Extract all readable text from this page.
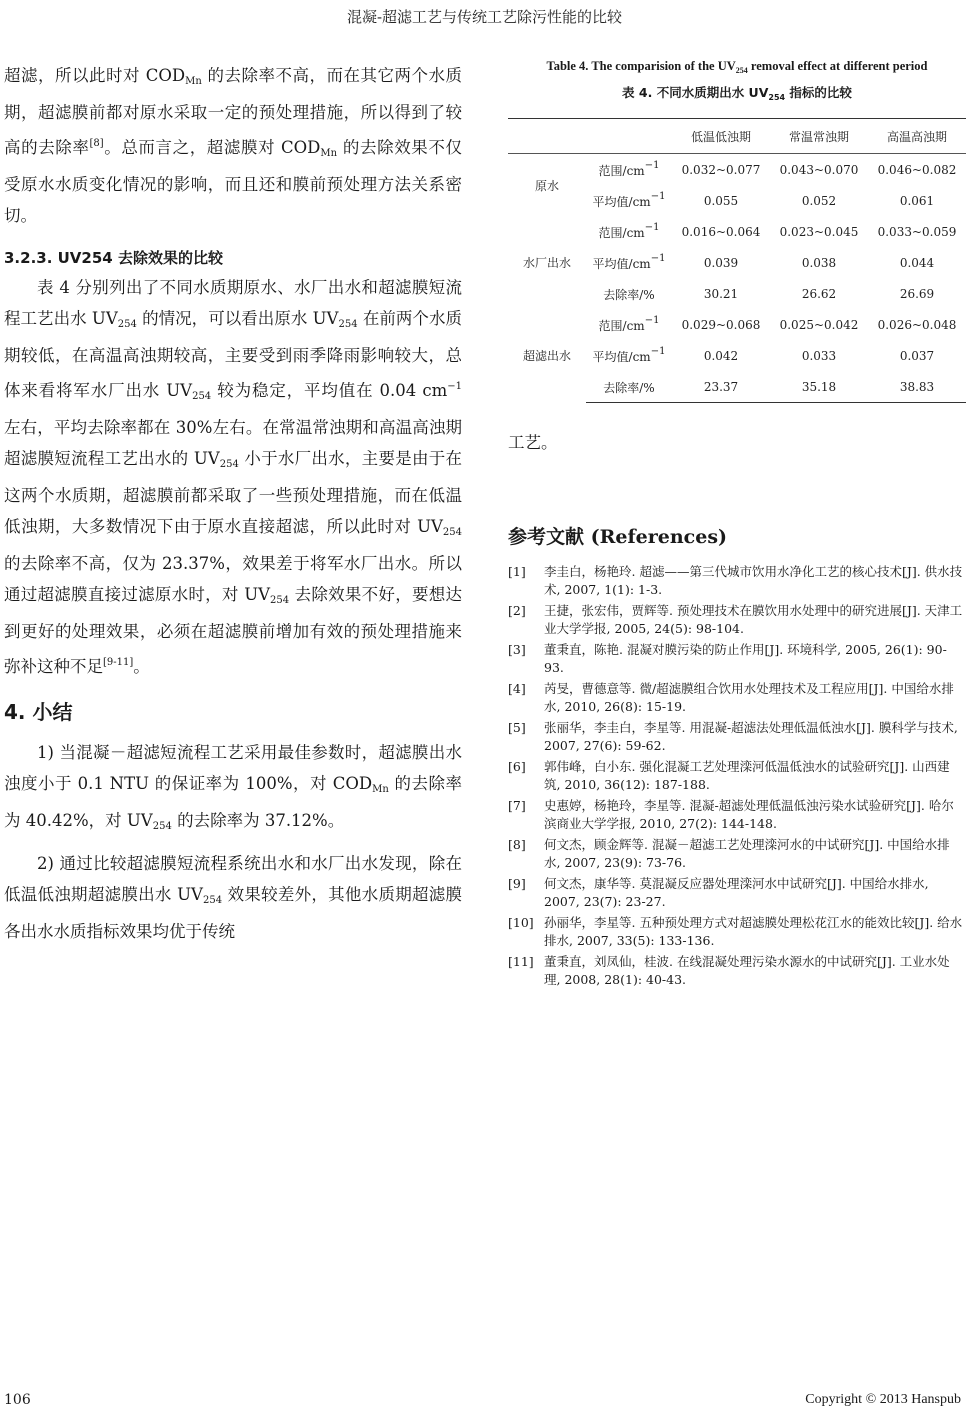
混凝-超滤工艺与传统工艺除污性能的比较

超滤，所以此时对 $COD_{Mn}$ 的去除率不高，而在其它两个水质期，超滤膜前都对原水采取一定的预处理措施，所以得到了较高的去除率[8]。总而言之，超滤膜对 $COD_{Mn}$ 的去除效果不仅受原水水质变化情况的影响，而且还和膜前预处理方法关系密切。

3.2.3. UV254 去除效果的比较

表 4 分别列出了不同水质期原水、水厂出水和超滤膜短流程工艺出水 $UV_{254}$ 的情况，可以看出原水 $UV_{254}$ 在前两个水质期较低，在高温高浊期较高，主要受到雨季降雨影响较大，总体来看将军水厂出水 $UV_{254}$ 较为稳定，平均值在 0.04 $cm^{-1}$ 左右，平均去除率都在 30%左右。在常温常浊期和高温高浊期超滤膜短流程工艺出水的 $UV_{254}$ 小于水厂出水，主要是由于在这两个水质期，超滤膜前都采取了一些预处理措施，而在低温低浊期，大多数情况下由于原水直接超滤，所以此时对 $UV_{254}$ 的去除率不高，仅为 23.37%，效果差于将军水厂出水。所以通过超滤膜直接过滤原水时，对 $UV_{254}$ 去除效果不好，要想达到更好的处理效果，必须在超滤膜前增加有效的预处理措施来弥补这种不足[9-11]。

4. 小结

1) 当混凝－超滤短流程工艺采用最佳参数时，超滤膜出水浊度小于 0.1 NTU 的保证率为 100%，对 $COD_{Mn}$ 的去除率为 40.42%，对 $UV_{254}$ 的去除率为 37.12%。

2) 通过比较超滤膜短流程系统出水和水厂出水发现，除在低温低浊期超滤膜出水 $UV_{254}$ 效果较差外，其他水质期超滤膜各出水水质指标效果均优于传统

Table 4. The comparision of the $UV_{254}$ removal effect at different period
表 4. 不同水质期出水 $UV_{254}$ 指标的比较
		低温低浊期	常温常浊期	高温高浊期
原水	范围$/cm^{-1}$	0.032~0.077	0.043~0.070	0.046~0.082
	平均值$/cm^{-1}$	0.055	0.052	0.061
水厂出水	范围$/cm^{-1}$	0.016~0.064	0.023~0.045	0.033~0.059
	平均值$/cm^{-1}$	0.039	0.038	0.044
	去除率/%	30.21	26.62	26.69
超滤出水	范围$/cm^{-1}$	0.029~0.068	0.025~0.042	0.026~0.048
	平均值$/cm^{-1}$	0.042	0.033	0.037
	去除率/%	23.37	35.18	38.83

工艺。

参考文献 (References)
[1]	李圭白，杨艳玲. 超滤——第三代城市饮用水净化工艺的核心技术[J]. 供水技术, 2007, 1(1): 1-3.
[2]	王捷，张宏伟，贾辉等. 预处理技术在膜饮用水处理中的研究进展[J]. 天津工业大学学报, 2005, 24(5): 98-104.
[3]	董秉直，陈艳. 混凝对膜污染的防止作用[J]. 环境科学, 2005, 26(1): 90-93.
[4]	芮旻，曹德意等. 微/超滤膜组合饮用水处理技术及工程应用[J]. 中国给水排水, 2010, 26(8): 15-19.
[5]	张丽华，李圭白，李星等. 用混凝-超滤法处理低温低浊水[J]. 膜科学与技术, 2007, 27(6): 59-62.
[6]	郭伟峰，白小东. 强化混凝工艺处理滦河低温低浊水的试验研究[J]. 山西建筑, 2010, 36(12): 187-188.
[7]	史惠婷，杨艳玲，李星等. 混凝-超滤处理低温低浊污染水试验研究[J]. 哈尔滨商业大学学报, 2010, 27(2): 144-148.
[8]	何文杰，顾金辉等. 混凝－超滤工艺处理滦河水的中试研究[J]. 中国给水排水, 2007, 23(9): 73-76.
[9]	何文杰，康华等. 莫混凝反应器处理滦河水中试研究[J]. 中国给水排水, 2007, 23(7): 23-27.
[10] 孙丽华，李星等. 五种预处理方式对超滤膜处理松花江水的能效比较[J]. 给水排水, 2007, 33(5): 133-136.
[11] 董秉直，刘凤仙，桂波. 在线混凝处理污染水源水的中试研究[J]. 工业水处理, 2008, 28(1): 40-43.
106	Copyright © 2013 Hanspub
